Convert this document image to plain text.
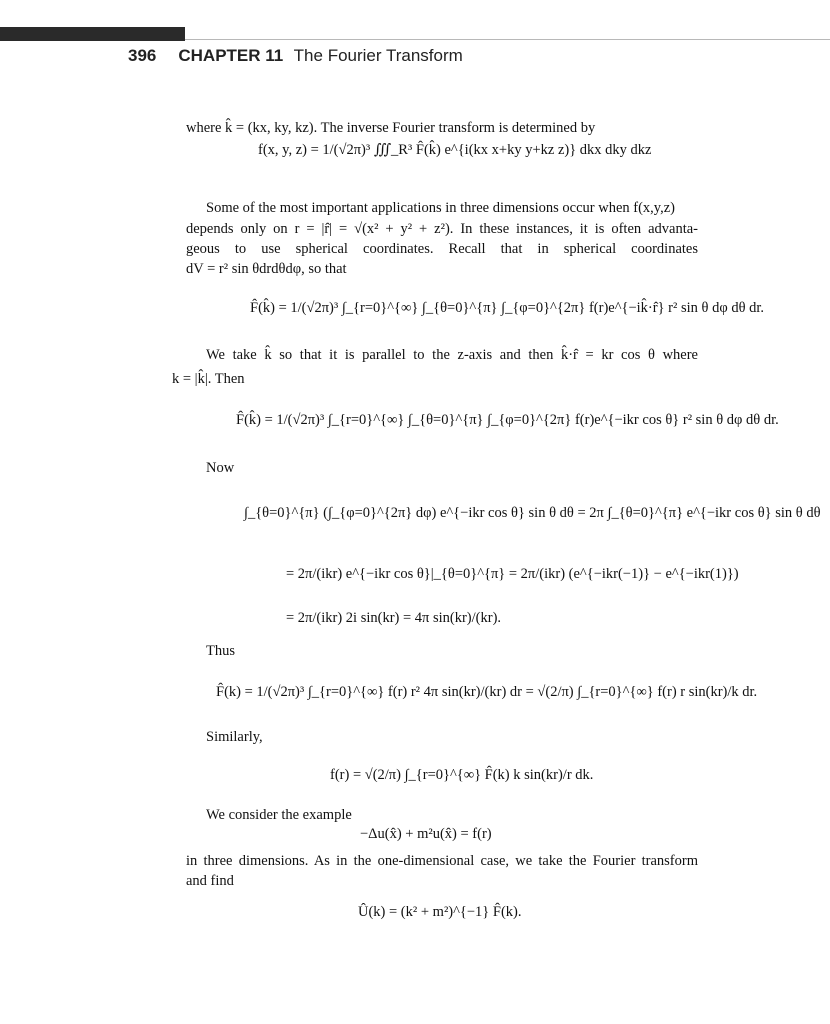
396 CHAPTER 11 The Fourier Transform
where k̂ = (kx, ky, kz). The inverse Fourier transform is determined by
f(x, y, z) = 1/(√2π)³ ∭_R³ F̂(k̂) e^{i(kx x+ky y+kz z)} dkx dky dkz
Some of the most important applications in three dimensions occur when f(x,y,z)
depends only on r = |r̂| = √(x² + y² + z²). In these instances, it is often advanta-
geous to use spherical coordinates. Recall that in spherical coordinates
dV = r² sin θdrdθdφ, so that
F̂(k̂) = 1/(√2π)³ ∫_{r=0}^{∞} ∫_{θ=0}^{π} ∫_{φ=0}^{2π} f(r)e^{−ik̂·r̂} r² sin θ dφ dθ dr.
We take k̂ so that it is parallel to the z-axis and then k̂·r̂ = kr cos θ where
k = |k̂|. Then
F̂(k̂) = 1/(√2π)³ ∫_{r=0}^{∞} ∫_{θ=0}^{π} ∫_{φ=0}^{2π} f(r)e^{−ikr cos θ} r² sin θ dφ dθ dr.
Now
∫_{θ=0}^{π} (∫_{φ=0}^{2π} dφ) e^{−ikr cos θ} sin θ dθ = 2π ∫_{θ=0}^{π} e^{−ikr cos θ} sin θ dθ
= 2π/(ikr) e^{−ikr cos θ}|_{θ=0}^{π} = 2π/(ikr) (e^{−ikr(−1)} − e^{−ikr(1)})
= 2π/(ikr) 2i sin(kr) = 4π sin(kr)/(kr).
Thus
F̂(k) = 1/(√2π)³ ∫_{r=0}^{∞} f(r) r² 4π sin(kr)/(kr) dr = √(2/π) ∫_{r=0}^{∞} f(r) r sin(kr)/k dr.
Similarly,
f(r) = √(2/π) ∫_{r=0}^{∞} F̂(k) k sin(kr)/r dk.
We consider the example
−Δu(x̂) + m²u(x̂) = f(r)
in three dimensions. As in the one-dimensional case, we take the Fourier transform
and find
Û(k) = (k² + m²)^{−1} F̂(k).
